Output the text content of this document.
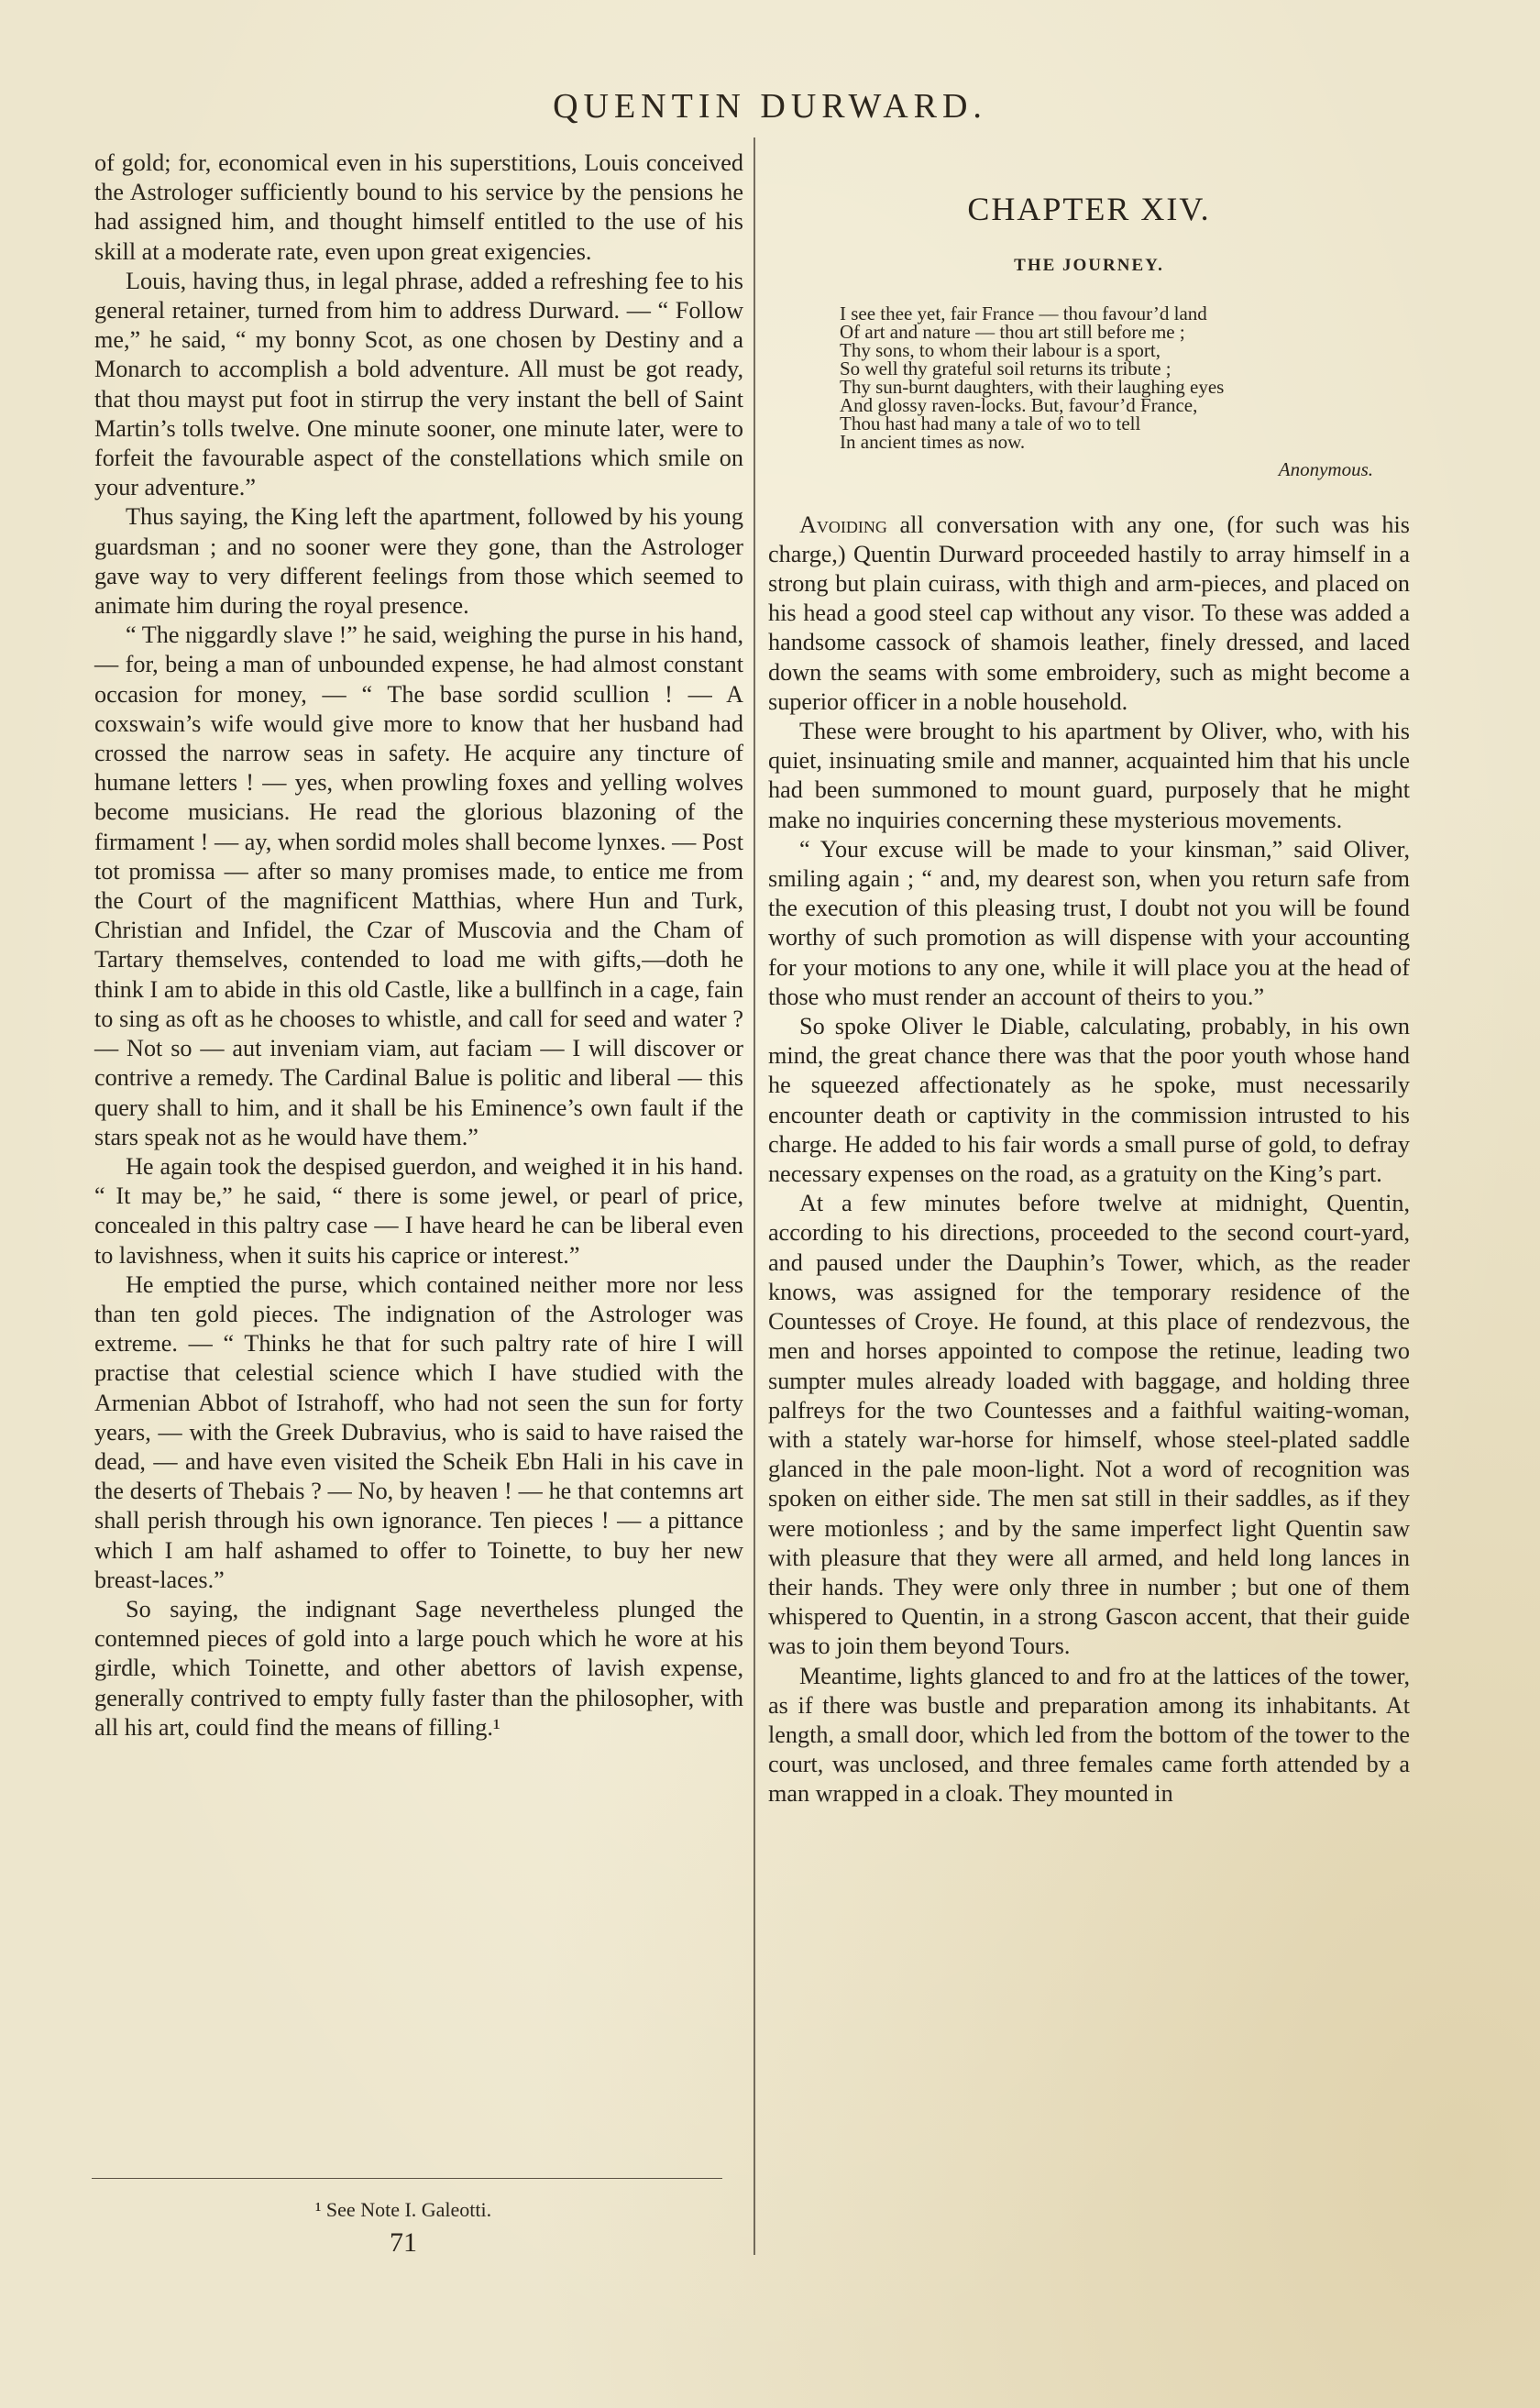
QUENTIN DURWARD.

of gold; for, economical even in his superstitions, Louis conceived the Astrologer sufficiently bound to his service by the pensions he had assigned him, and thought himself entitled to the use of his skill at a moderate rate, even upon great exigencies.

Louis, having thus, in legal phrase, added a refreshing fee to his general retainer, turned from him to address Durward. — “ Follow me,” he said, “ my bonny Scot, as one chosen by Destiny and a Monarch to accomplish a bold adventure. All must be got ready, that thou mayst put foot in stirrup the very instant the bell of Saint Martin’s tolls twelve. One minute sooner, one minute later, were to forfeit the favourable aspect of the constellations which smile on your adventure.”

Thus saying, the King left the apartment, followed by his young guardsman ; and no sooner were they gone, than the Astrologer gave way to very different feelings from those which seemed to animate him during the royal presence.

“ The niggardly slave !” he said, weighing the purse in his hand,— for, being a man of unbounded expense, he had almost constant occasion for money, — “ The base sordid scullion ! — A coxswain’s wife would give more to know that her husband had crossed the narrow seas in safety. He acquire any tincture of humane letters ! — yes, when prowling foxes and yelling wolves become musicians. He read the glorious blazoning of the firmament ! — ay, when sordid moles shall become lynxes. — Post tot promissa — after so many promises made, to entice me from the Court of the magnificent Matthias, where Hun and Turk, Christian and Infidel, the Czar of Muscovia and the Cham of Tartary themselves, contended to load me with gifts,—doth he think I am to abide in this old Castle, like a bullfinch in a cage, fain to sing as oft as he chooses to whistle, and call for seed and water ? — Not so — aut inveniam viam, aut faciam — I will discover or contrive a remedy. The Cardinal Balue is politic and liberal — this query shall to him, and it shall be his Eminence’s own fault if the stars speak not as he would have them.”

He again took the despised guerdon, and weighed it in his hand. “ It may be,” he said, “ there is some jewel, or pearl of price, concealed in this paltry case — I have heard he can be liberal even to lavishness, when it suits his caprice or interest.”

He emptied the purse, which contained neither more nor less than ten gold pieces. The indignation of the Astrologer was extreme. — “ Thinks he that for such paltry rate of hire I will practise that celestial science which I have studied with the Armenian Abbot of Istrahoff, who had not seen the sun for forty years, — with the Greek Dubravius, who is said to have raised the dead, — and have even visited the Scheik Ebn Hali in his cave in the deserts of Thebais ? — No, by heaven ! — he that contemns art shall perish through his own ignorance. Ten pieces ! — a pittance which I am half ashamed to offer to Toinette, to buy her new breast-laces.”

So saying, the indignant Sage nevertheless plunged the contemned pieces of gold into a large pouch which he wore at his girdle, which Toinette, and other abettors of lavish expense, generally contrived to empty fully faster than the philosopher, with all his art, could find the means of filling.¹

¹ See Note I. Galeotti.
71
CHAPTER XIV.
THE JOURNEY.
I see thee yet, fair France — thou favour’d land
Of art and nature — thou art still before me ;
Thy sons, to whom their labour is a sport,
So well thy grateful soil returns its tribute ;
Thy sun-burnt daughters, with their laughing eyes
And glossy raven-locks. But, favour’d France,
Thou hast had many a tale of wo to tell
In ancient times as now.
Anonymous.

Avoiding all conversation with any one, (for such was his charge,) Quentin Durward proceeded hastily to array himself in a strong but plain cuirass, with thigh and arm-pieces, and placed on his head a good steel cap without any visor. To these was added a handsome cassock of shamois leather, finely dressed, and laced down the seams with some embroidery, such as might become a superior officer in a noble household.

These were brought to his apartment by Oliver, who, with his quiet, insinuating smile and manner, acquainted him that his uncle had been summoned to mount guard, purposely that he might make no inquiries concerning these mysterious movements.

“ Your excuse will be made to your kinsman,” said Oliver, smiling again ; “ and, my dearest son, when you return safe from the execution of this pleasing trust, I doubt not you will be found worthy of such promotion as will dispense with your accounting for your motions to any one, while it will place you at the head of those who must render an account of theirs to you.”

So spoke Oliver le Diable, calculating, probably, in his own mind, the great chance there was that the poor youth whose hand he squeezed affectionately as he spoke, must necessarily encounter death or captivity in the commission intrusted to his charge. He added to his fair words a small purse of gold, to defray necessary expenses on the road, as a gratuity on the King’s part.

At a few minutes before twelve at midnight, Quentin, according to his directions, proceeded to the second court-yard, and paused under the Dauphin’s Tower, which, as the reader knows, was assigned for the temporary residence of the Countesses of Croye. He found, at this place of rendezvous, the men and horses appointed to compose the retinue, leading two sumpter mules already loaded with baggage, and holding three palfreys for the two Countesses and a faithful waiting-woman, with a stately war-horse for himself, whose steel-plated saddle glanced in the pale moon-light. Not a word of recognition was spoken on either side. The men sat still in their saddles, as if they were motionless ; and by the same imperfect light Quentin saw with pleasure that they were all armed, and held long lances in their hands. They were only three in number ; but one of them whispered to Quentin, in a strong Gascon accent, that their guide was to join them beyond Tours.

Meantime, lights glanced to and fro at the lattices of the tower, as if there was bustle and preparation among its inhabitants. At length, a small door, which led from the bottom of the tower to the court, was unclosed, and three females came forth attended by a man wrapped in a cloak. They mounted in
